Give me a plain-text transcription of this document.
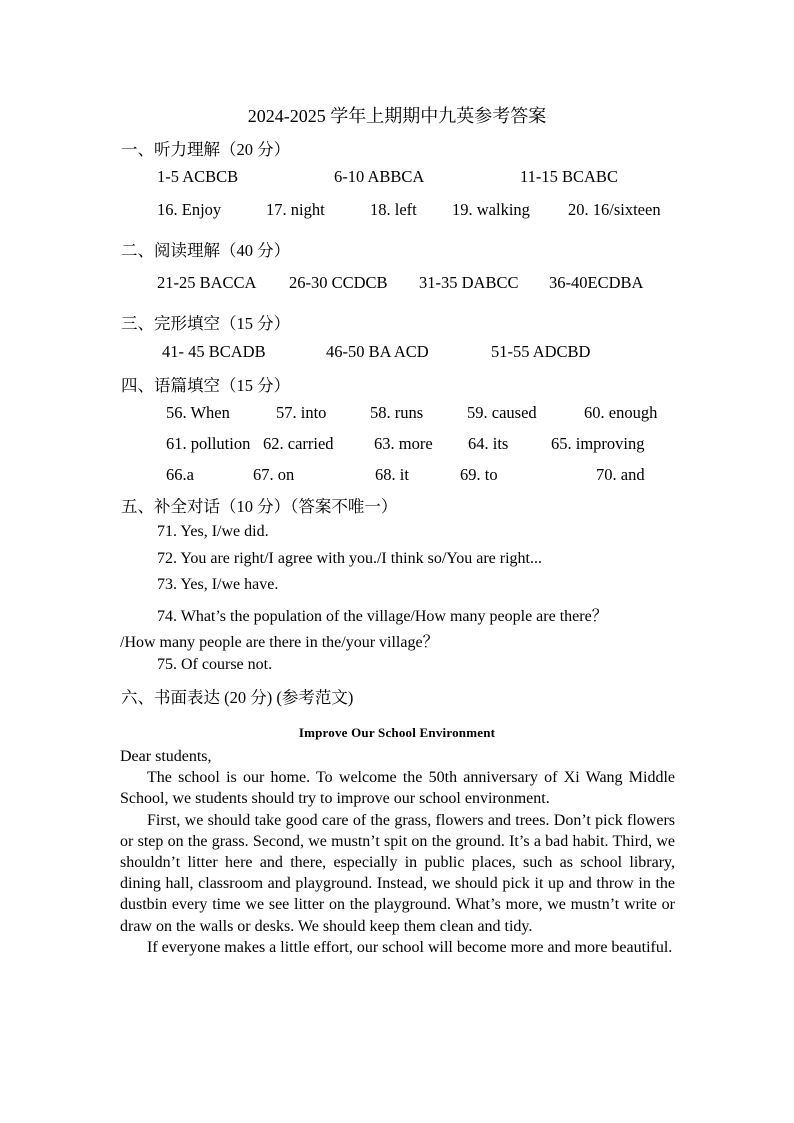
2024-2025 学年上期期中九英参考答案
一、听力理解（20 分）
1-5 ACBCB	6-10 ABBCA	11-15 BCABC
16. Enjoy	17. night	18. left 19. walking 20. 16/sixteen
二、阅读理解（40 分）
21-25 BACCA 26-30 CCDCB 31-35 DABCC 36-40ECDBA
三、完形填空（15 分）
41- 45 BCADB	46-50 BA ACD	51-55 ADCBD
四、语篇填空（15 分）
56. When	57. into	58. runs	59. caused	60. enough
61. pollution 62. carried 63. more 64. its	65. improving
66.a	67. on	68. it	69. to	70. and
五、补全对话（10 分）（答案不唯一）
71. Yes, I/we did.
72. You are right/I agree with you./I think so/You are right...
73. Yes, I/we have.
74. What’s the population of the village/How many people are there？
/How many people are there in the/your village？
75. Of course not.
六、书面表达 (20 分) (参考范文)
Improve Our School Environment

Dear students,

The school is our home. To welcome the 50th anniversary of Xi Wang Middle School, we students should try to improve our school environment.

First, we should take good care of the grass, flowers and trees. Don’t pick flowers or step on the grass. Second, we mustn’t spit on the ground. It’s a bad habit. Third, we shouldn’t litter here and there, especially in public places, such as school library, dining hall, classroom and playground. Instead, we should pick it up and throw in the dustbin every time we see litter on the playground. What’s more, we mustn’t write or draw on the walls or desks. We should keep them clean and tidy.

If everyone makes a little effort, our school will become more and more beautiful.
